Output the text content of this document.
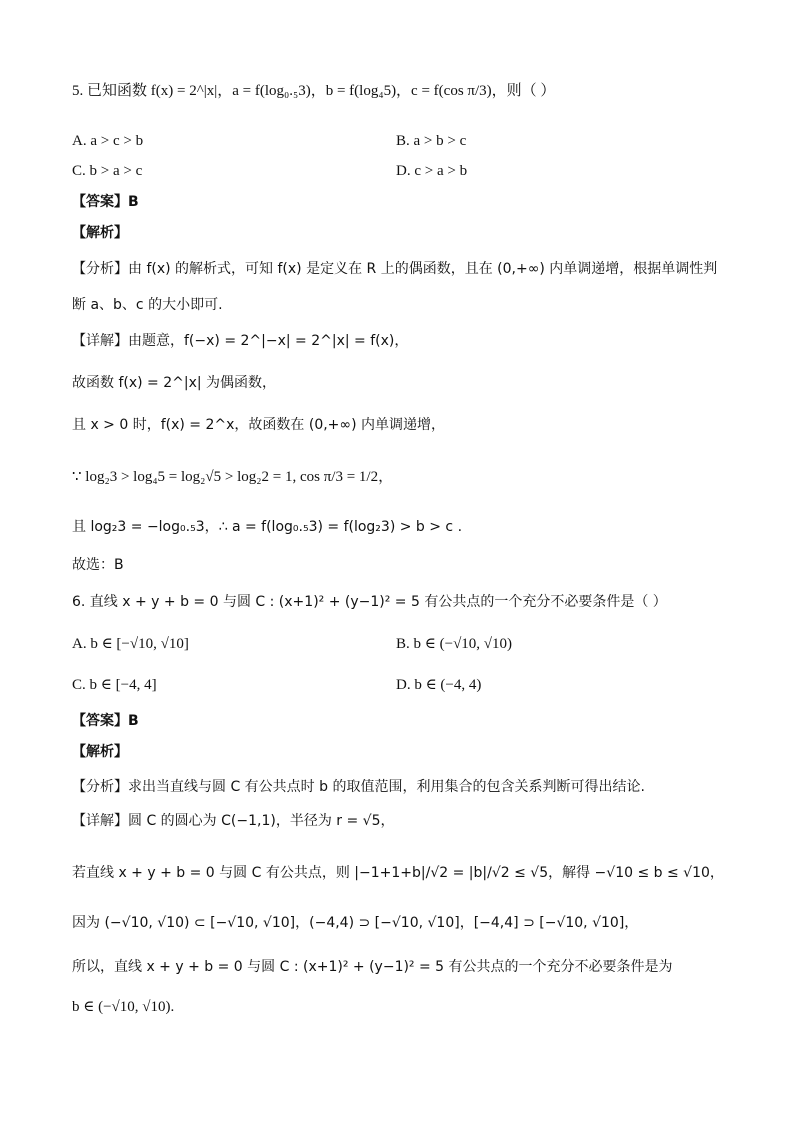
5. 已知函数 f(x) = 2^|x|，a = f(log₀.₅3)，b = f(log₄5)，c = f(cos π/3)，则（ ）
A. a > c > b	B. a > b > c
C. b > a > c	D. c > a > b
【答案】B
【解析】
【分析】由 f(x) 的解析式，可知 f(x) 是定义在 R 上的偶函数，且在 (0,+∞) 内单调递增，根据单调性判
断 a、b、c 的大小即可.
【详解】由题意，f(−x) = 2^|−x| = 2^|x| = f(x)，
故函数 f(x) = 2^|x| 为偶函数，
且 x > 0 时，f(x) = 2^x，故函数在 (0,+∞) 内单调递增，
∵ log₂3 > log₄5 = log₂√5 > log₂2 = 1, cos π/3 = 1/2，
且 log₂3 = −log₀.₅3，∴ a = f(log₀.₅3) = f(log₂3) > b > c .
故选：B
6. 直线 x + y + b = 0 与圆 C : (x+1)² + (y−1)² = 5 有公共点的一个充分不必要条件是（ ）
A. b ∈ [−√10, √10]	B. b ∈ (−√10, √10)
C. b ∈ [−4, 4]	D. b ∈ (−4, 4)
【答案】B
【解析】
【分析】求出当直线与圆 C 有公共点时 b 的取值范围，利用集合的包含关系判断可得出结论.
【详解】圆 C 的圆心为 C(−1,1)，半径为 r = √5，
若直线 x + y + b = 0 与圆 C 有公共点，则 |−1+1+b|/√2 = |b|/√2 ≤ √5，解得 −√10 ≤ b ≤ √10，
因为 (−√10, √10) ⊂ [−√10, √10]，(−4,4) ⊃ [−√10, √10]，[−4,4] ⊃ [−√10, √10]，
所以，直线 x + y + b = 0 与圆 C : (x+1)² + (y−1)² = 5 有公共点的一个充分不必要条件是为
b ∈ (−√10, √10).
